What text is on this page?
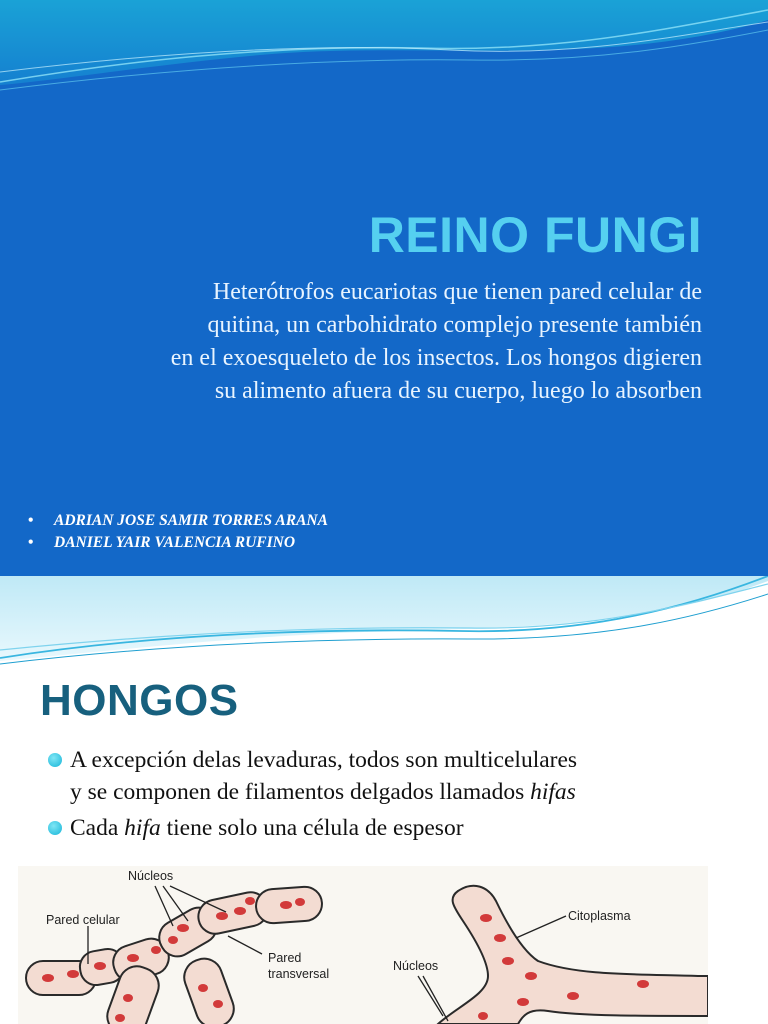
REINO FUNGI
Heterótrofos eucariotas que tienen pared celular de
quitina, un carbohidrato complejo presente también
en el exoesqueleto de los insectos. Los hongos digieren
su alimento afuera de su cuerpo, luego lo absorben
• ADRIAN JOSE SAMIR TORRES ARANA
• DANIEL YAIR VALENCIA RUFINO
HONGOS
A excepción delas levaduras, todos son multicelulares
y se componen de filamentos delgados llamados hifas
Cada hifa tiene solo una célula de espesor
Núcleos
Pared celular
Pared
transversal
Núcleos
Citoplasma
